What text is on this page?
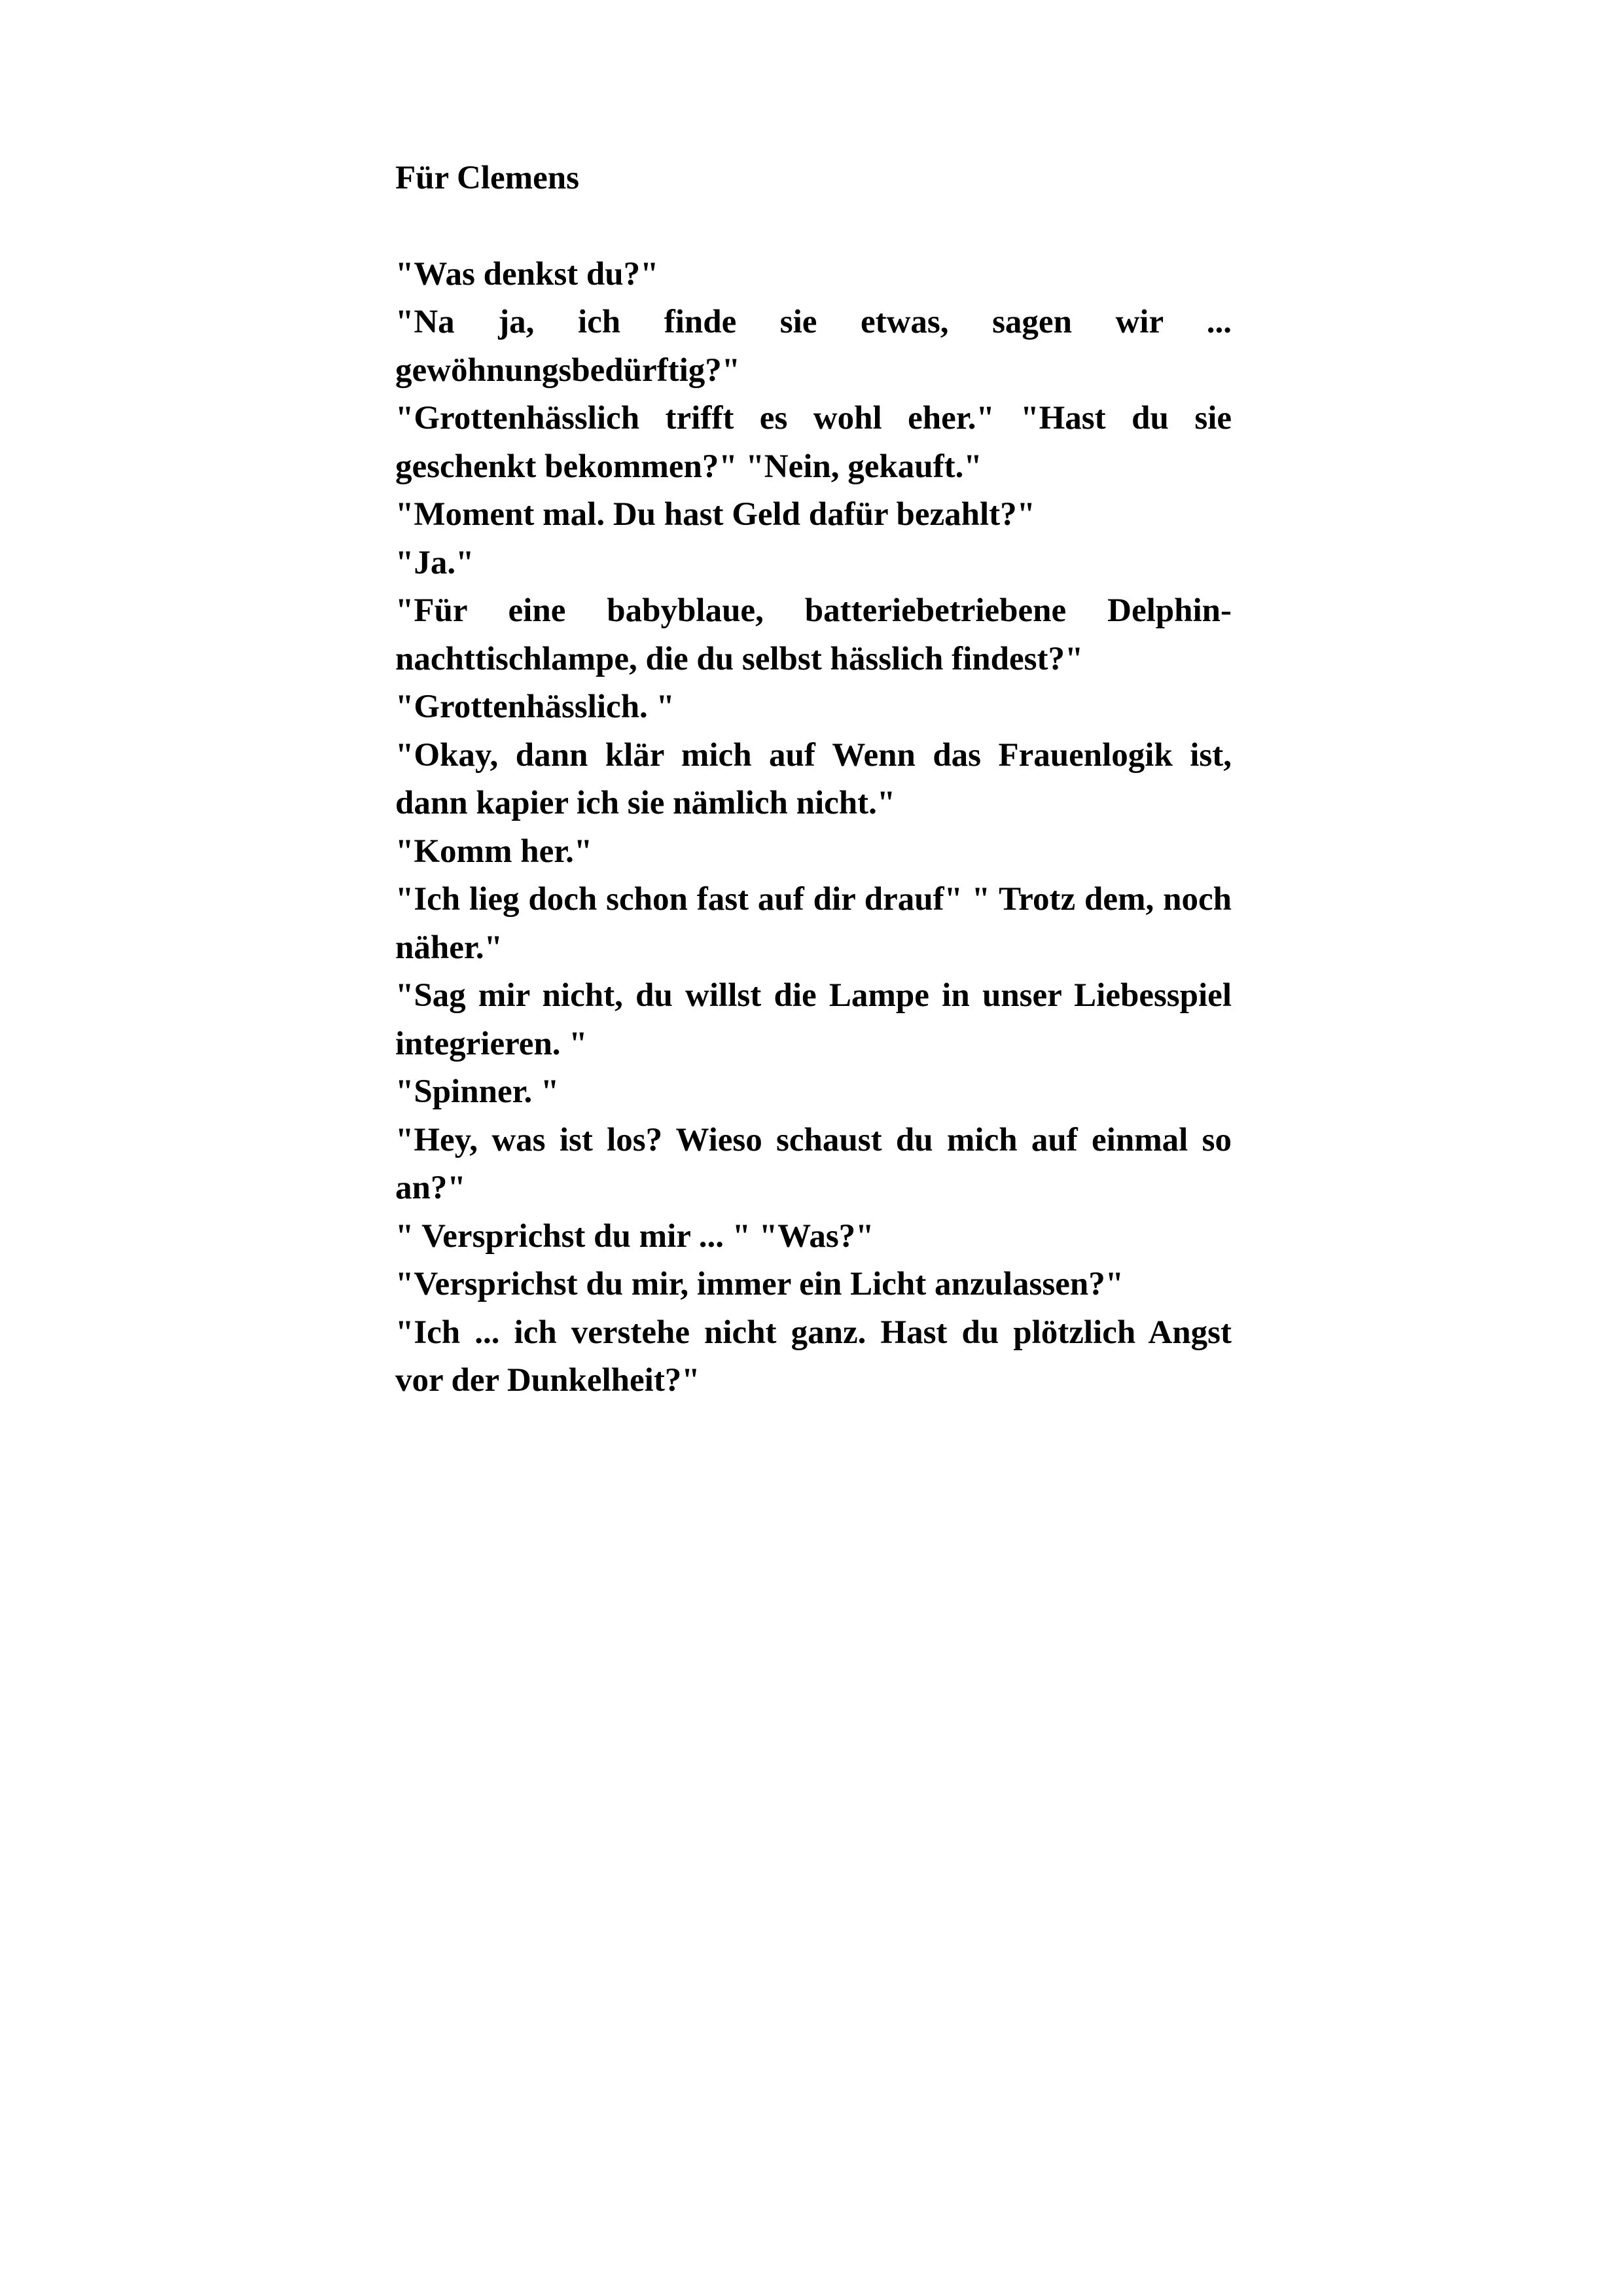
Für Clemens

"Was denkst du?"

"Na ja, ich finde sie etwas, sagen wir ... gewöhnungsbedürftig?"

"Grottenhässlich trifft es wohl eher." "Hast du sie geschenkt bekommen?" "Nein, gekauft."

"Moment mal. Du hast Geld dafür bezahlt?"

"Ja."

"Für eine babyblaue, batteriebetriebene Delphin-nachttischlampe, die du selbst hässlich findest?"

"Grottenhässlich. "

"Okay, dann klär mich auf Wenn das Frauenlogik ist, dann kapier ich sie nämlich nicht."

"Komm her."

"Ich lieg doch schon fast auf dir drauf" " Trotz dem, noch näher."

"Sag mir nicht, du willst die Lampe in unser Liebesspiel integrieren. "

"Spinner. "

"Hey, was ist los? Wieso schaust du mich auf einmal so an?"

" Versprichst du mir ... " "Was?"

"Versprichst du mir, immer ein Licht anzulassen?"

"Ich ... ich verstehe nicht ganz. Hast du plötzlich Angst vor der Dunkelheit?"
